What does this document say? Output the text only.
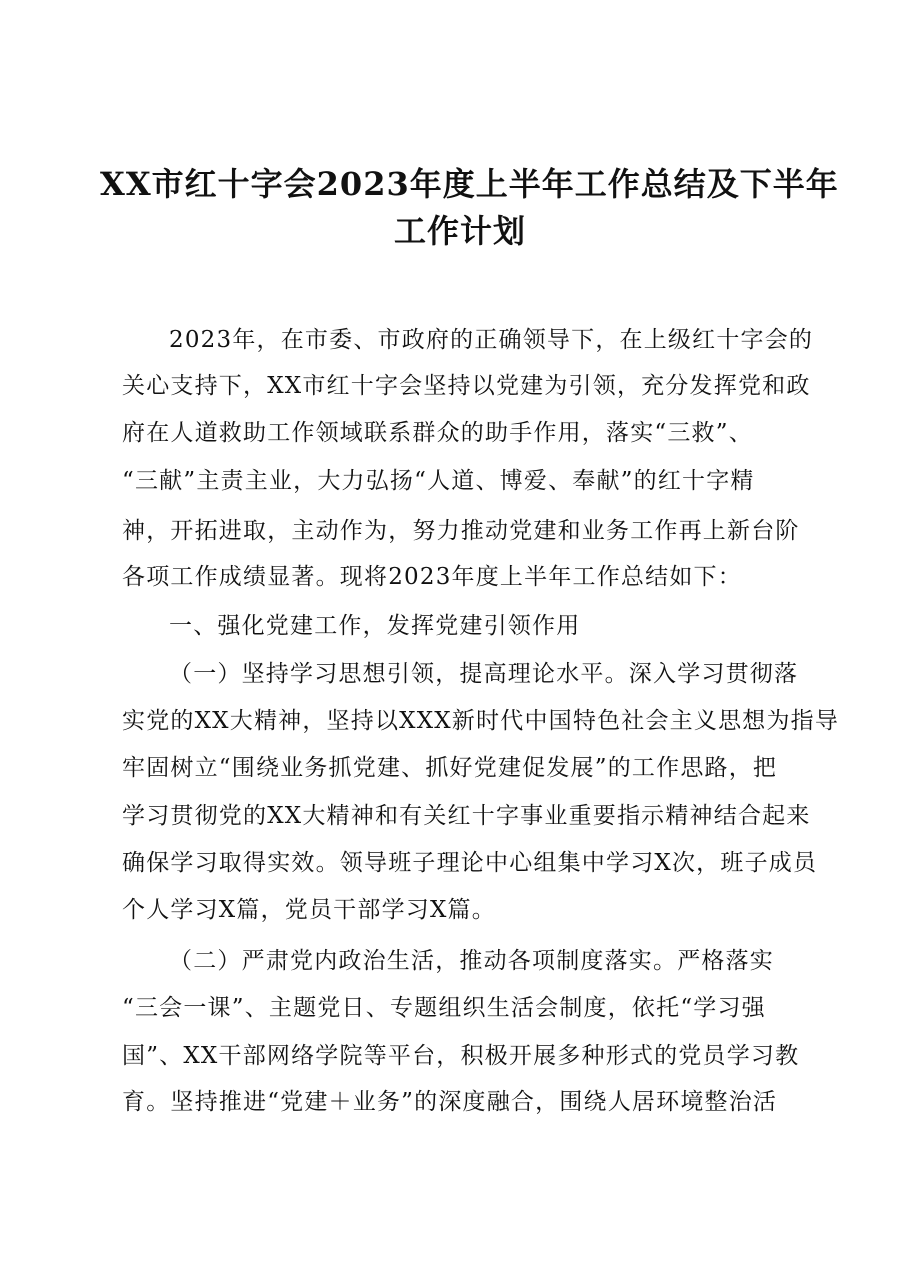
XX市红十字会2023年度上半年工作总结及下半年
工作计划

2023年，在市委、市政府的正确领导下，在上级红十字会的

关心支持下，XX市红十字会坚持以党建为引领，充分发挥党和政

府在人道救助工作领域联系群众的助手作用，落实“三救”、

“三献”主责主业，大力弘扬“人道、博爱、奉献”的红十字精

神，开拓进取，主动作为，努力推动党建和业务工作再上新台阶

各项工作成绩显著。现将2023年度上半年工作总结如下：

一、强化党建工作，发挥党建引领作用

（一）坚持学习思想引领，提高理论水平。深入学习贯彻落

实党的XX大精神，坚持以XXX新时代中国特色社会主义思想为指导

牢固树立“围绕业务抓党建、抓好党建促发展”的工作思路，把

学习贯彻党的XX大精神和有关红十字事业重要指示精神结合起来

确保学习取得实效。领导班子理论中心组集中学习X次，班子成员

个人学习X篇，党员干部学习X篇。

（二）严肃党内政治生活，推动各项制度落实。严格落实

“三会一课”、主题党日、专题组织生活会制度，依托“学习强

国”、XX干部网络学院等平台，积极开展多种形式的党员学习教

育。坚持推进“党建＋业务”的深度融合，围绕人居环境整治活
